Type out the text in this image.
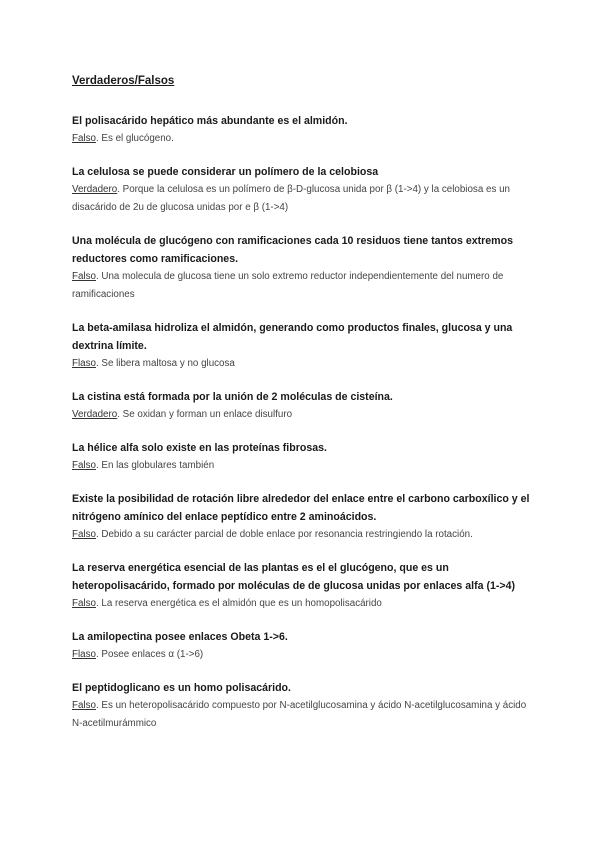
Verdaderos/Falsos

El polisacárido hepático más abundante es el almidón.

Falso. Es el glucógeno.

La celulosa se puede considerar un polímero de la celobiosa

Verdadero. Porque la celulosa es un polímero de β-D-glucosa unida por β (1->4) y la celobiosa es un disacárido de 2u de glucosa unidas por e β (1->4)

Una molécula de glucógeno con ramificaciones cada 10 residuos tiene tantos extremos reductores como ramificaciones.

Falso. Una molecula de glucosa tiene un solo extremo reductor independientemente del numero de ramificaciones

La beta-amilasa hidroliza el almidón, generando como productos finales, glucosa y una dextrina límite.

Flaso. Se libera maltosa y no glucosa

La cistina está formada por la unión de 2 moléculas de cisteína.

Verdadero. Se oxidan y forman un enlace disulfuro

La hélice alfa solo existe en las proteínas fibrosas.

Falso. En las globulares también

Existe la posibilidad de rotación libre alrededor del enlace entre el carbono carboxílico y el nitrógeno amínico del enlace peptídico entre 2 aminoácidos.

Falso. Debido a su carácter parcial de doble enlace por resonancia restringiendo la rotación.

La reserva energética esencial de las plantas es el el glucógeno, que es un heteropolisacárido, formado por moléculas de de glucosa unidas por enlaces alfa (1->4)

Falso. La reserva energética es el almidón que es un homopolisacárido

La amilopectina posee enlaces Obeta 1->6.

Flaso. Posee enlaces α (1->6)

El peptidoglicano es un homo polisacárido.

Falso. Es un heteropolisacárido compuesto por N-acetilglucosamina y ácido N-acetilglucosamina y ácido N-acetilmurámmico
